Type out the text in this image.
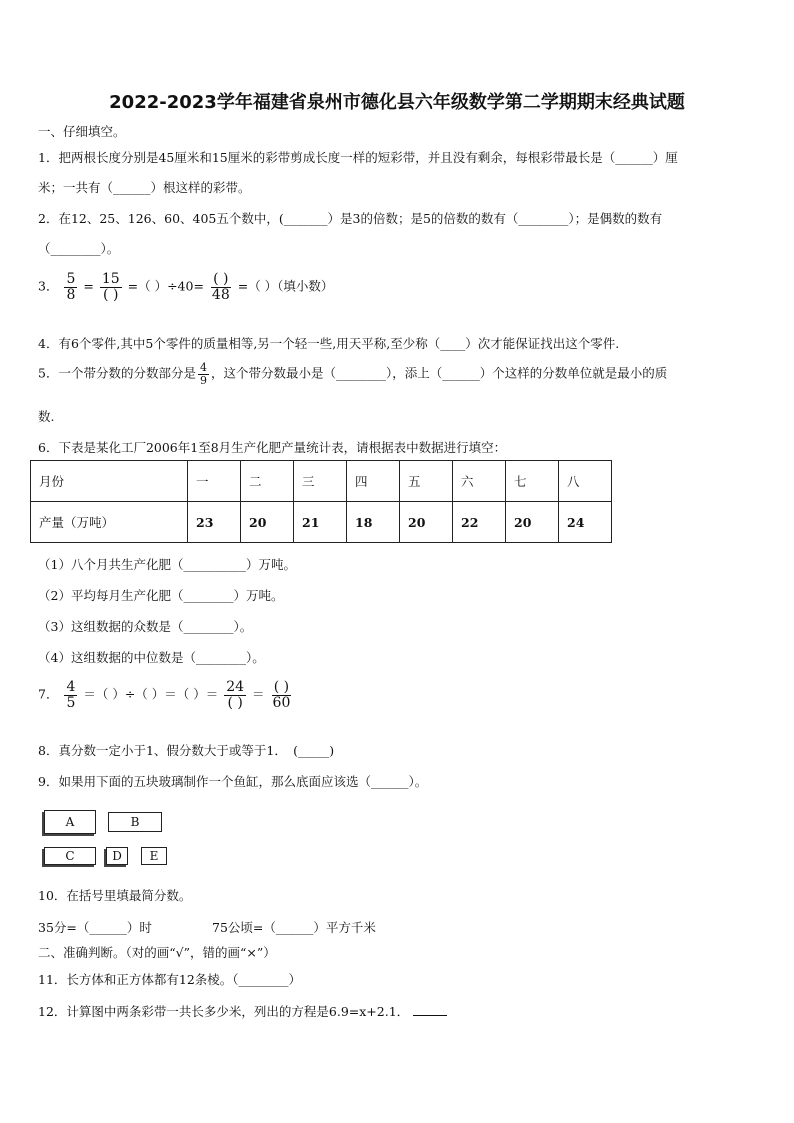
2022-2023学年福建省泉州市德化县六年级数学第二学期期末经典试题
一、仔细填空。
1．把两根长度分别是45厘米和15厘米的彩带剪成长度一样的短彩带，并且没有剩余，每根彩带最长是（______）厘
米；一共有（______）根这样的彩带。
2．在12、25、126、60、405五个数中，(_______）是3的倍数；是5的倍数的数有（________）；是偶数的数有
（________）。
3． $\frac{5}{8} = \frac{15}{( )}$ =（ ）$\div 40= \frac{( )}{48}$ =（ ）（填小数）
4．有6个零件,其中5个零件的质量相等,另一个轻一些,用天平称,至少称（____）次才能保证找出这个零件.
5．一个带分数的分数部分是 $\frac{4}{9}$ ，这个带分数最小是（________），添上（______）个这样的分数单位就是最小的质
数.
6．下表是某化工厂2006年1至8月生产化肥产量统计表，请根据表中数据进行填空：
月份	一	二	三	四	五	六	七	八
产量（万吨）	23	20	21	18	20	22	20	24
（1）八个月共生产化肥（__________）万吨。
（2）平均每月生产化肥（________）万吨。
（3）这组数据的众数是（________）。
（4）这组数据的中位数是（________）。
7． $\frac{4}{5}$ ＝（ ）÷（ ）＝（ ）＝ $\frac{24}{( )} = \frac{( )}{60}$
8．真分数一定小于1、假分数大于或等于1．　(_____)
9．如果用下面的五块玻璃制作一个鱼缸，那么底面应该选（______）。
A	B
C	D	E
10．在括号里填最简分数。
35分=（______）时	75公顷=（______）平方千米
二、准确判断。（对的画“√”，错的画“×”）
11．长方体和正方体都有12条棱。（________）
12．计算图中两条彩带一共长多少米，列出的方程是6.9=x+2.1．
